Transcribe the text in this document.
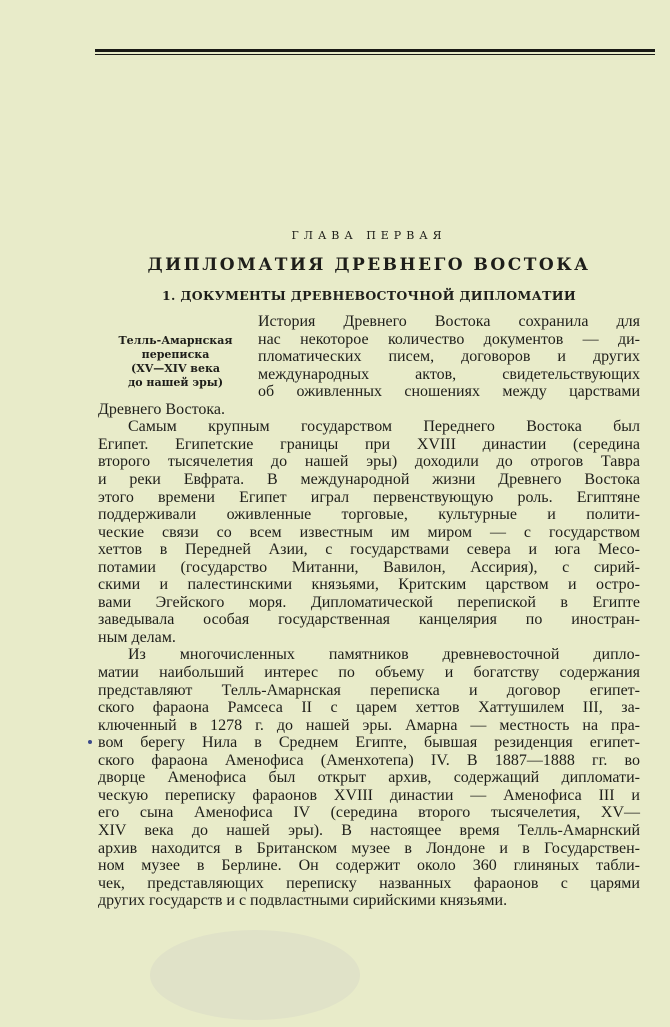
ГЛАВА ПЕРВАЯ
ДИПЛОМАТИЯ ДРЕВНЕГО ВОСТОКА
1. ДОКУМЕНТЫ ДРЕВНЕВОСТОЧНОЙ ДИПЛОМАТИИ
Телль-Амарнская
переписка
(XV—XIV века
до нашей эры)
История Древнего Востока сохранила для
нас некоторое количество документов — ди-
пломатических писем, договоров и других
международных актов, свидетельствующих
об оживленных сношениях между царствами
Древнего Востока.
Самым крупным государством Переднего Востока был
Египет. Египетские границы при XVIII династии (середина
второго тысячелетия до нашей эры) доходили до отрогов Тавра
и реки Евфрата. В международной жизни Древнего Востока
этого времени Египет играл первенствующую роль. Египтяне
поддерживали оживленные торговые, культурные и полити-
ческие связи со всем известным им миром — с государством
хеттов в Передней Азии, с государствами севера и юга Месо-
потамии (государство Митанни, Вавилон, Ассирия), с сирий-
скими и палестинскими князьями, Критским царством и остро-
вами Эгейского моря. Дипломатической перепиской в Египте
заведывала особая государственная канцелярия по иностран-
ным делам.
Из многочисленных памятников древневосточной дипло-
матии наибольший интерес по объему и богатству содержания
представляют Телль-Амарнская переписка и договор египет-
ского фараона Рамсеса II с царем хеттов Хаттушилем III, за-
ключенный в 1278 г. до нашей эры. Амарна — местность на пра-
вом берегу Нила в Среднем Египте, бывшая резиденция египет-
ского фараона Аменофиса (Аменхотепа) IV. В 1887—1888 гг. во
дворце Аменофиса был открыт архив, содержащий дипломати-
ческую переписку фараонов XVIII династии — Аменофиса III и
его сына Аменофиса IV (середина второго тысячелетия, XV—
XIV века до нашей эры). В настоящее время Телль-Амарнский
архив находится в Британском музее в Лондоне и в Государствен-
ном музее в Берлине. Он содержит около 360 глиняных табли-
чек, представляющих переписку названных фараонов с царями
других государств и с подвластными сирийскими князьями.
